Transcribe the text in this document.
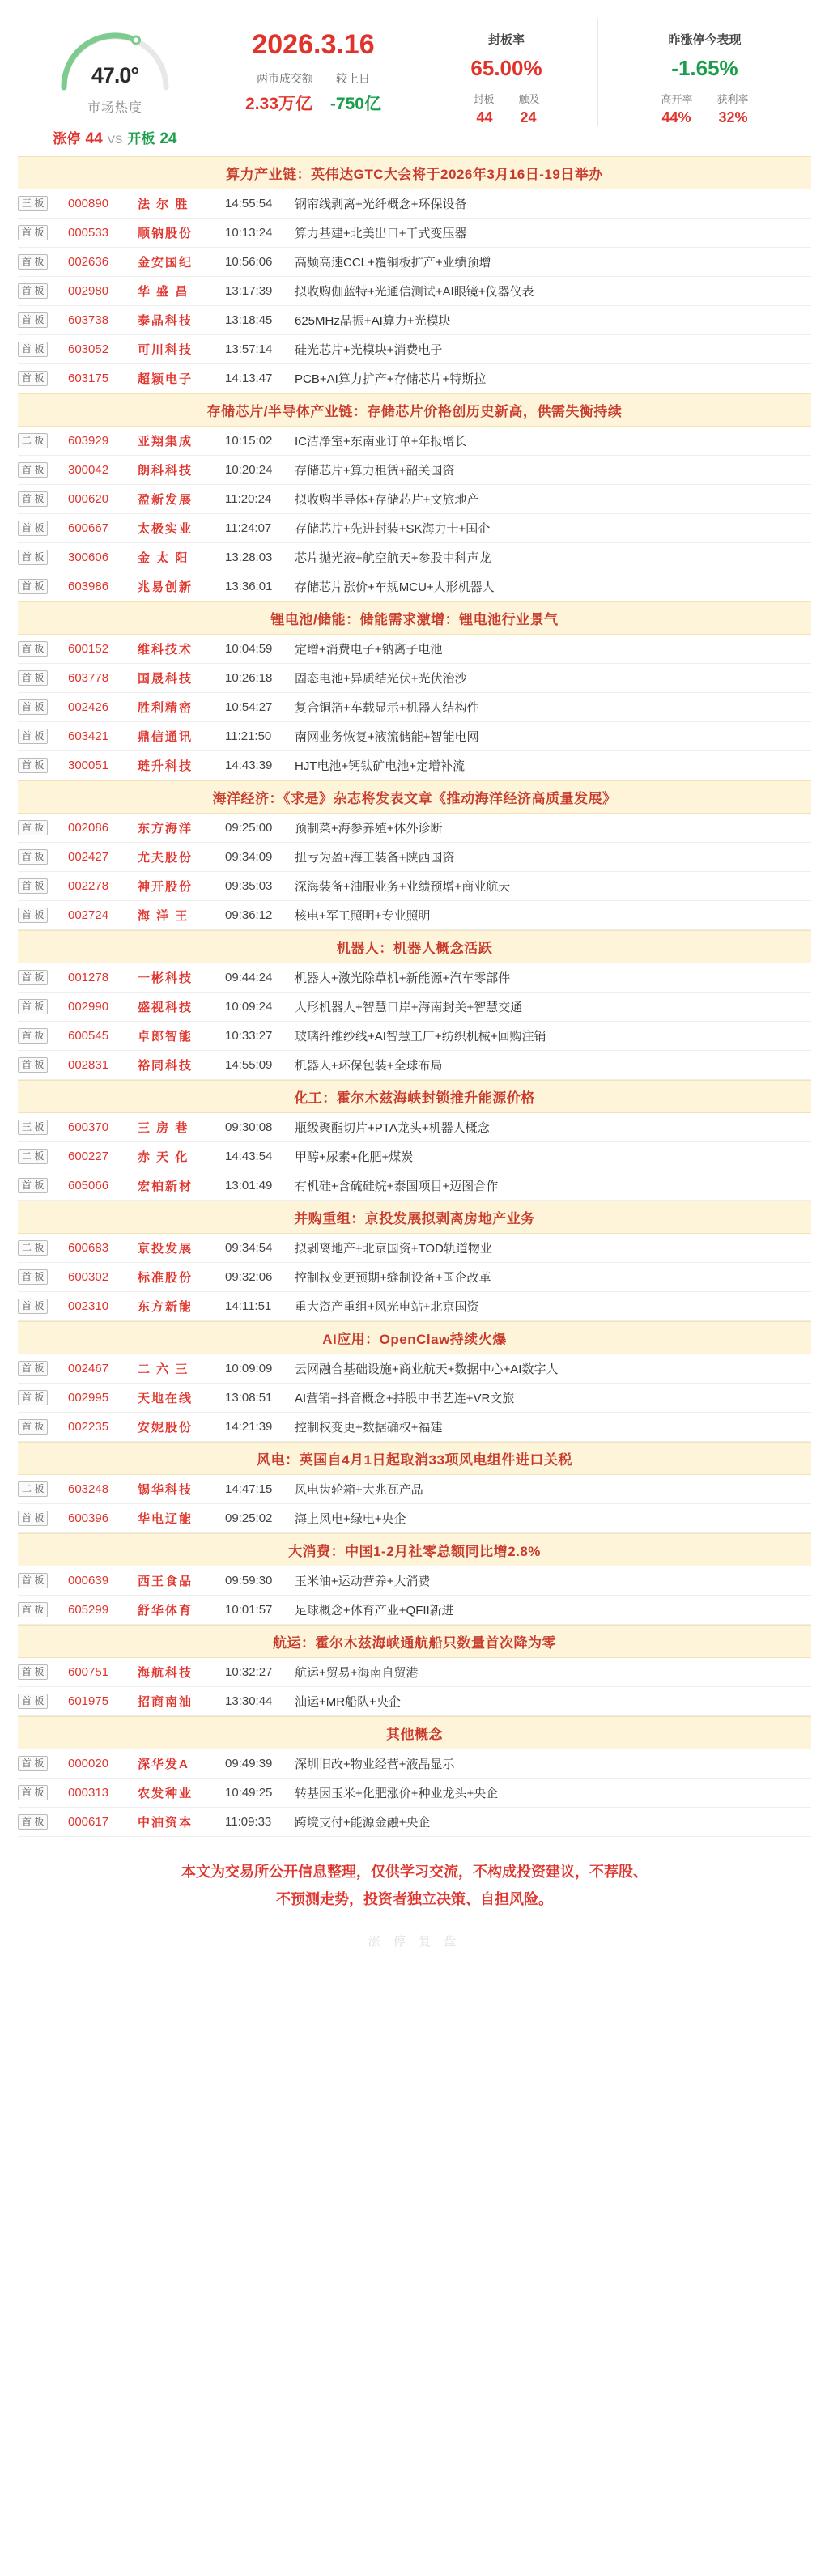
47.0°
市场热度
涨停 44 VS 开板 24
2026.3.16
两市成交额 较上日
2.33万亿 -750亿
封板率
65.00%
封板 触及
44 24
昨涨停今表现
-1.65%
高开率 获利率
44% 32%
算力产业链：英伟达GTC大会将于2026年3月16日-19日举办
三 板	000890	法 尔 胜	14:55:54	钢帘线剥离+光纤概念+环保设备
首 板	000533	顺钠股份	10:13:24	算力基建+北美出口+干式变压器
首 板	002636	金安国纪	10:56:06	高频高速CCL+覆铜板扩产+业绩预增
首 板	002980	华 盛 昌	13:17:39	拟收购伽蓝特+光通信测试+AI眼镜+仪器仪表
首 板	603738	泰晶科技	13:18:45	625MHz晶振+AI算力+光模块
首 板	603052	可川科技	13:57:14	硅光芯片+光模块+消费电子
首 板	603175	超颖电子	14:13:47	PCB+AI算力扩产+存储芯片+特斯拉
存储芯片/半导体产业链：存储芯片价格创历史新高，供需失衡持续
二 板	603929	亚翔集成	10:15:02	IC洁净室+东南亚订单+年报增长
首 板	300042	朗科科技	10:20:24	存储芯片+算力租赁+韶关国资
首 板	000620	盈新发展	11:20:24	拟收购半导体+存储芯片+文旅地产
首 板	600667	太极实业	11:24:07	存储芯片+先进封装+SK海力士+国企
首 板	300606	金 太 阳	13:28:03	芯片抛光液+航空航天+参股中科声龙
首 板	603986	兆易创新	13:36:01	存储芯片涨价+车规MCU+人形机器人
锂电池/储能：储能需求激增：锂电池行业景气
首 板	600152	维科技术	10:04:59	定增+消费电子+钠离子电池
首 板	603778	国晟科技	10:26:18	固态电池+异质结光伏+光伏治沙
首 板	002426	胜利精密	10:54:27	复合铜箔+车载显示+机器人结构件
首 板	603421	鼎信通讯	11:21:50	南网业务恢复+液流储能+智能电网
首 板	300051	琏升科技	14:43:39	HJT电池+钙钛矿电池+定增补流
海洋经济：《求是》杂志将发表文章《推动海洋经济高质量发展》
首 板	002086	东方海洋	09:25:00	预制菜+海参养殖+体外诊断
首 板	002427	尤夫股份	09:34:09	扭亏为盈+海工装备+陕西国资
首 板	002278	神开股份	09:35:03	深海装备+油服业务+业绩预增+商业航天
首 板	002724	海 洋 王	09:36:12	核电+军工照明+专业照明
机器人：机器人概念活跃
首 板	001278	一彬科技	09:44:24	机器人+激光除草机+新能源+汽车零部件
首 板	002990	盛视科技	10:09:24	人形机器人+智慧口岸+海南封关+智慧交通
首 板	600545	卓郎智能	10:33:27	玻璃纤维纱线+AI智慧工厂+纺织机械+回购注销
首 板	002831	裕同科技	14:55:09	机器人+环保包装+全球布局
化工：霍尔木兹海峡封锁推升能源价格
三 板	600370	三 房 巷	09:30:08	瓶级聚酯切片+PTA龙头+机器人概念
二 板	600227	赤 天 化	14:43:54	甲醇+尿素+化肥+煤炭
首 板	605066	宏柏新材	13:01:49	有机硅+含硫硅烷+泰国项目+迈图合作
并购重组：京投发展拟剥离房地产业务
二 板	600683	京投发展	09:34:54	拟剥离地产+北京国资+TOD轨道物业
首 板	600302	标准股份	09:32:06	控制权变更预期+缝制设备+国企改革
首 板	002310	东方新能	14:11:51	重大资产重组+风光电站+北京国资
AI应用：OpenClaw持续火爆
首 板	002467	二 六 三	10:09:09	云网融合基础设施+商业航天+数据中心+AI数字人
首 板	002995	天地在线	13:08:51	AI营销+抖音概念+持股中书艺连+VR文旅
首 板	002235	安妮股份	14:21:39	控制权变更+数据确权+福建
风电：英国自4月1日起取消33项风电组件进口关税
二 板	603248	锡华科技	14:47:15	风电齿轮箱+大兆瓦产品
首 板	600396	华电辽能	09:25:02	海上风电+绿电+央企
大消费：中国1-2月社零总额同比增2.8%
首 板	000639	西王食品	09:59:30	玉米油+运动营养+大消费
首 板	605299	舒华体育	10:01:57	足球概念+体育产业+QFII新进
航运：霍尔木兹海峡通航船只数量首次降为零
首 板	600751	海航科技	10:32:27	航运+贸易+海南自贸港
首 板	601975	招商南油	13:30:44	油运+MR船队+央企
其他概念
首 板	000020	深华发A	09:49:39	深圳旧改+物业经营+液晶显示
首 板	000313	农发种业	10:49:25	转基因玉米+化肥涨价+种业龙头+央企
首 板	000617	中油资本	11:09:33	跨境支付+能源金融+央企
本文为交易所公开信息整理，仅供学习交流，不构成投资建议，不荐股、
不预测走势，投资者独立决策、自担风险。
涨 停 复 盘
